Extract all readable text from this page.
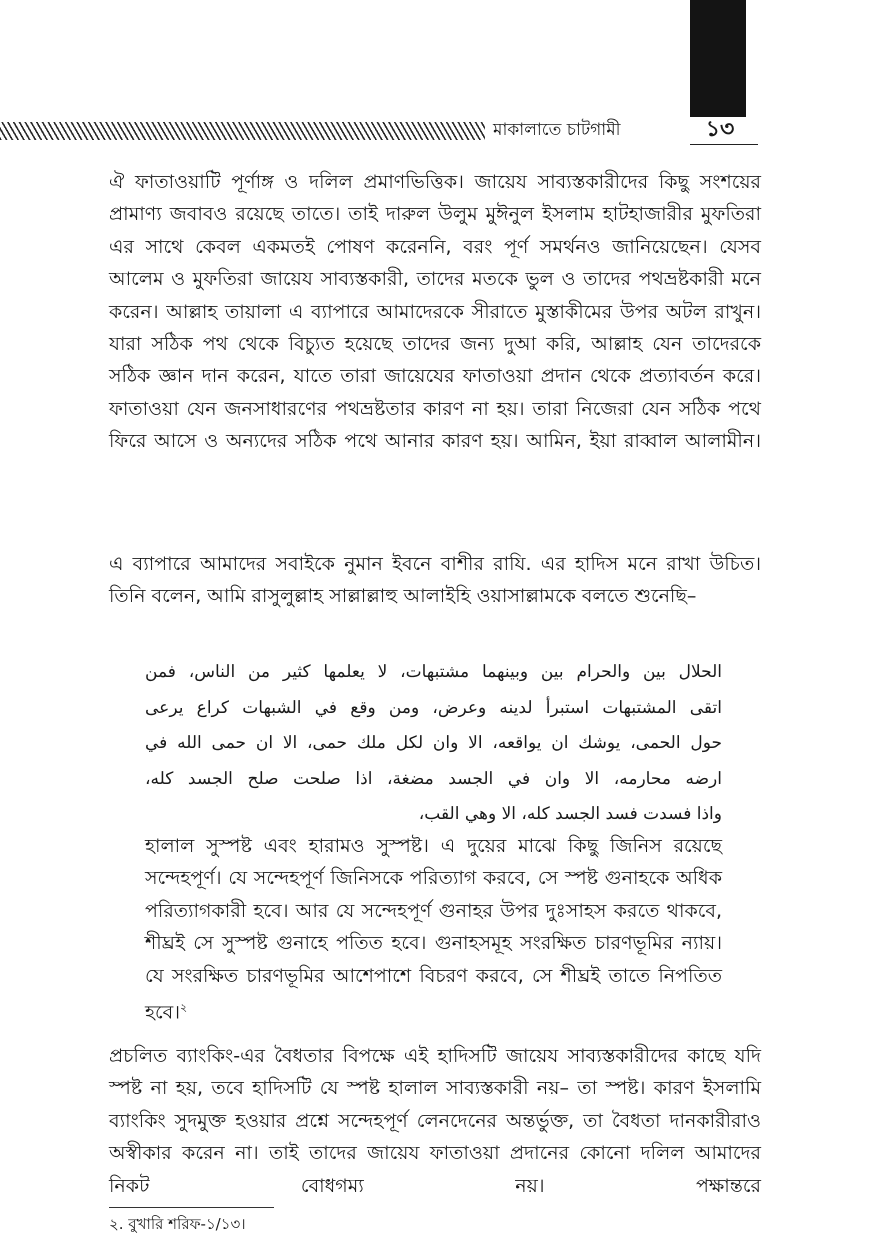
মাকালাতে চাটগামী	১৩

ঐ ফাতাওয়াটি পূর্ণাঙ্গ ও দলিল প্রমাণভিত্তিক। জায়েয সাব্যস্তকারীদের কিছু সংশয়ের প্রামাণ্য জবাবও রয়েছে তাতে। তাই দারুল উলুম মুঈনুল ইসলাম হাটহাজারীর মুফতিরা এর সাথে কেবল একমতই পোষণ করেননি, বরং পূর্ণ সমর্থনও জানিয়েছেন। যেসব আলেম ও মুফতিরা জায়েয সাব্যস্তকারী, তাদের মতকে ভুল ও তাদের পথভ্রষ্টকারী মনে করেন। আল্লাহ তায়ালা এ ব্যাপারে আমাদেরকে সীরাতে মুস্তাকীমের উপর অটল রাখুন। যারা সঠিক পথ থেকে বিচ্যুত হয়েছে তাদের জন্য দুআ করি, আল্লাহ যেন তাদেরকে সঠিক জ্ঞান দান করেন, যাতে তারা জায়েযের ফাতাওয়া প্রদান থেকে প্রত্যাবর্তন করে। ফাতাওয়া যেন জনসাধারণের পথভ্রষ্টতার কারণ না হয়। তারা নিজেরা যেন সঠিক পথে ফিরে আসে ও অন্যদের সঠিক পথে আনার কারণ হয়। আমিন, ইয়া রাব্বাল আলামীন।

এ ব্যাপারে আমাদের সবাইকে নুমান ইবনে বাশীর রাযি. এর হাদিস মনে রাখা উচিত। তিনি বলেন, আমি রাসুলুল্লাহ সাল্লাল্লাহু আলাইহি ওয়াসাল্লামকে বলতে শুনেছি–

الحلال بين والحرام بين وبينهما مشتبهات، لا يعلمها كثير من الناس، فمن

اتقى المشتبهات استبرأ لدينه وعرض، ومن وقع في الشبهات كراع يرعى

حول الحمى، يوشك ان يواقعه، الا وان لكل ملك حمى، الا ان حمى الله في

ارضه محارمه، الا وان في الجسد مضغة، اذا صلحت صلح الجسد كله،

واذا فسدت فسد الجسد كله، الا وهي القب،

হালাল সুস্পষ্ট এবং হারামও সুস্পষ্ট। এ দুয়ের মাঝে কিছু জিনিস রয়েছে সন্দেহপূর্ণ। যে সন্দেহপূর্ণ জিনিসকে পরিত্যাগ করবে, সে স্পষ্ট গুনাহকে অধিক পরিত্যাগকারী হবে। আর যে সন্দেহপূর্ণ গুনাহর উপর দুঃসাহস করতে থাকবে, শীঘ্রই সে সুস্পষ্ট গুনাহে পতিত হবে। গুনাহসমূহ সংরক্ষিত চারণভূমির ন্যায়। যে সংরক্ষিত চারণভূমির আশেপাশে বিচরণ করবে, সে শীঘ্রই তাতে নিপতিত হবে।$^২$

প্রচলিত ব্যাংকিং-এর বৈধতার বিপক্ষে এই হাদিসটি জায়েয সাব্যস্তকারীদের কাছে যদি স্পষ্ট না হয়, তবে হাদিসটি যে স্পষ্ট হালাল সাব্যস্তকারী নয়– তা স্পষ্ট। কারণ ইসলামি ব্যাংকিং সুদমুক্ত হওয়ার প্রশ্নে সন্দেহপূর্ণ লেনদেনের অন্তর্ভুক্ত, তা বৈধতা দানকারীরাও অস্বীকার করেন না। তাই তাদের জায়েয ফাতাওয়া প্রদানের কোনো দলিল আমাদের নিকট বোধগম্য নয়। পক্ষান্তরে

২. বুখারি শরিফ-১/১৩।
